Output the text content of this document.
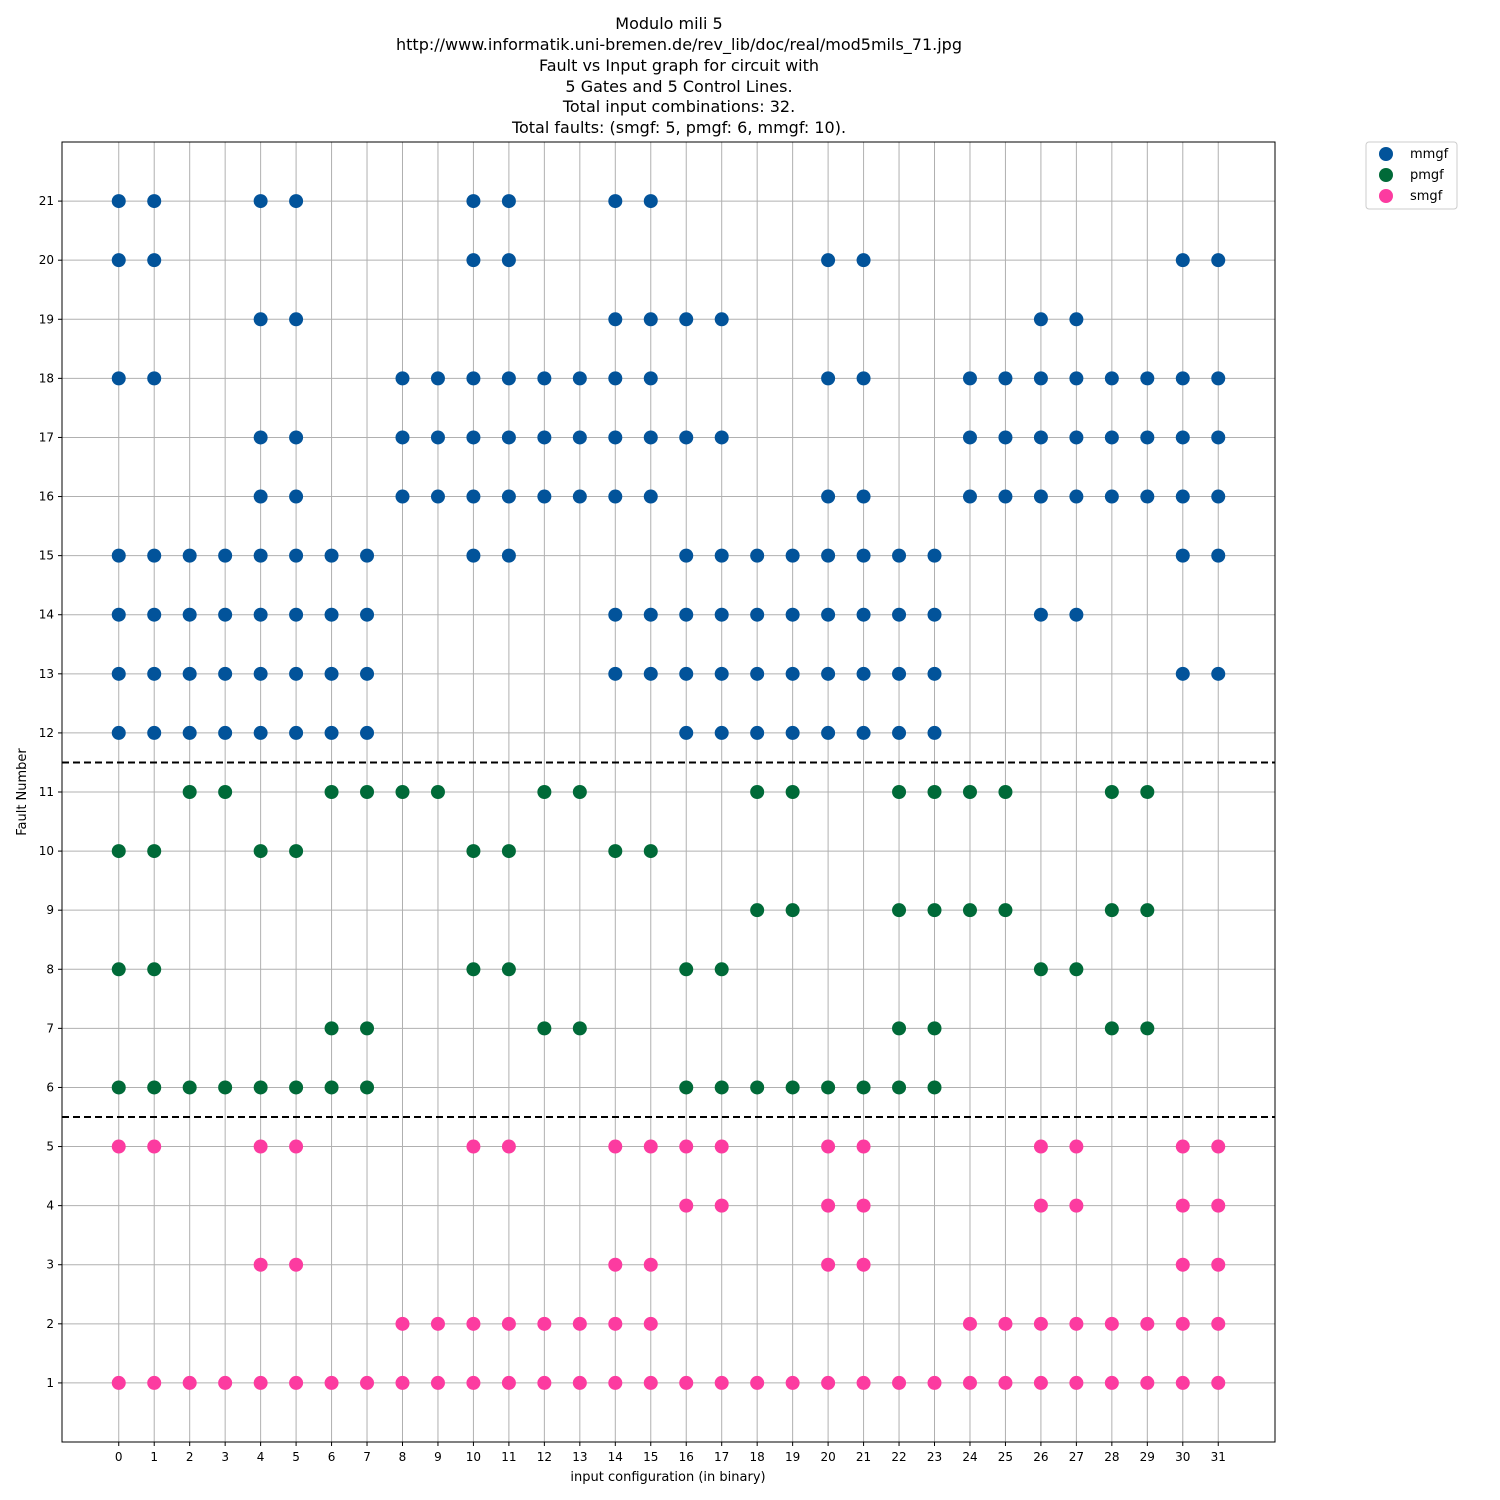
Modulo mili 5
http://www.informatik.uni-bremen.de/rev_lib/doc/real/mod5mils_71.jpg
Fault vs Input graph for circuit with
5 Gates and 5 Control Lines.
Total input combinations: 32.
Total faults: (smgf: 5, pmgf: 6, mmgf: 10).
0 1 2 3 4 5 6 7 8 9 10 11 12 13 14 15 16 17 18 19 20 21 22 23 24 25 26 27 28 29 30 31
1
2
3
4
5
6
7
8
9
10
11
12
13
14
15
16
17
18
19
20
21
input configuration (in binary)
Fault Number
mmgf
pmgf
smgf
